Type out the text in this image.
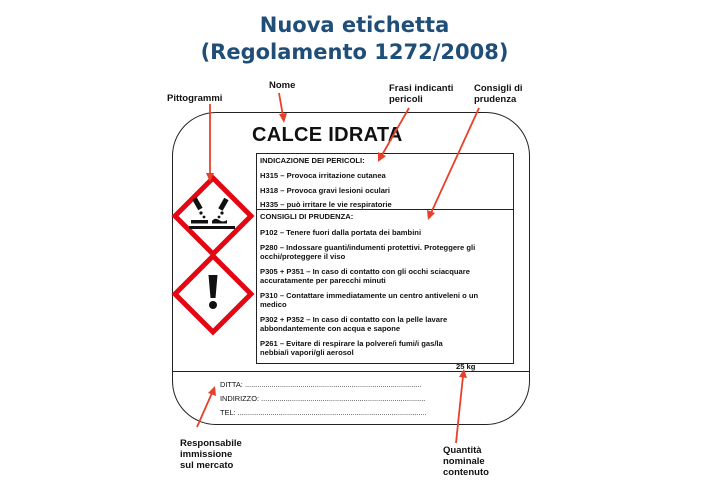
Nuova etichetta
(Regolamento 1272/2008)
Pittogrammi
Nome	Frasi indicanti
pericoli
Consigli di
prudenza
Responsabile
immissione
sul mercato
Quantità
nominale
contenuto
CALCE IDRATA
INDICAZIONE DEI PERICOLI:
H315 – Provoca irritazione cutanea
H318 – Provoca gravi lesioni oculari
H335 – può irritare le vie respiratorie
CONSIGLI DI PRUDENZA:
P102 – Tenere fuori dalla portata dei bambini
P280 – Indossare guanti/indumenti protettivi. Proteggere gli
occhi/proteggere il viso
P305 + P351 – In caso di contatto con gli occhi sciacquare
accuratamente per parecchi minuti
P310 – Contattare immediatamente un centro antiveleni o un
medico
P302 + P352 – In caso di contatto con la pelle lavare
abbondantemente con acqua e sapone
P261 – Evitare di respirare la polvere/i fumi/i gas/la
nebbia/i vapori/gli aerosol
25 kg
DITTA: ......................................................................................
INDIRIZZO: ................................................................................
TEL: ............................................................................................
